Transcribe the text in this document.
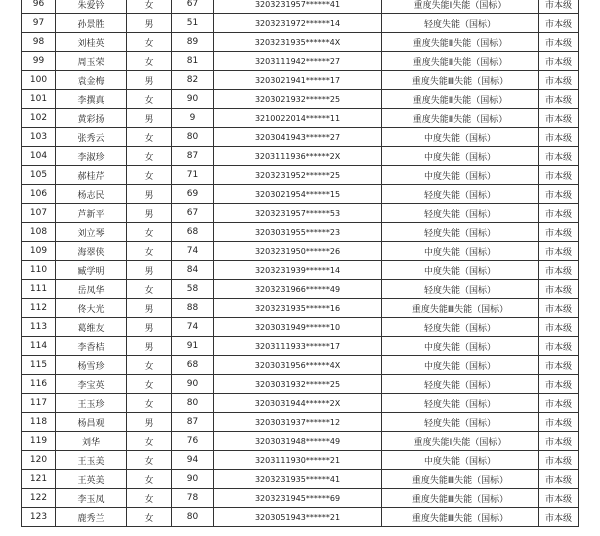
96	朱爱钤	女	67	3203231957******41	重度失能Ⅰ失能（国标）	市本级
97	孙景胜	男	51	3203231972******14	轻度失能（国标）	市本级
98	刘桂英	女	89	3203231935******4X	重度失能Ⅱ失能（国标）	市本级
99	周玉荣	女	81	3203111942******27	重度失能Ⅱ失能（国标）	市本级
100	袁金梅	男	82	3203021941******17	重度失能Ⅲ失能（国标）	市本级
101	李撰真	女	90	3203021932******25	重度失能Ⅱ失能（国标）	市本级
102	黄彩扬	男	9	3210022014******11	重度失能Ⅱ失能（国标）	市本级
103	张秀云	女	80	3203041943******27	中度失能（国标）	市本级
104	李淑珍	女	87	3203111936******2X	中度失能（国标）	市本级
105	郝桂芹	女	71	3203231952******25	中度失能（国标）	市本级
106	杨志民	男	69	3203021954******15	轻度失能（国标）	市本级
107	芦新平	男	67	3203231957******53	轻度失能（国标）	市本级
108	刘立琴	女	68	3203031955******23	轻度失能（国标）	市本级
109	海翠侠	女	74	3203231950******26	中度失能（国标）	市本级
110	臧学明	男	84	3203231939******14	中度失能（国标）	市本级
111	岳凤华	女	58	3203231966******49	轻度失能（国标）	市本级
112	佟大光	男	88	3203231935******16	重度失能Ⅲ失能（国标）	市本级
113	葛维友	男	74	3203031949******10	轻度失能（国标）	市本级
114	李香桔	男	91	3203111933******17	中度失能（国标）	市本级
115	杨雪珍	女	68	3203031956******4X	中度失能（国标）	市本级
116	李宝英	女	90	3203031932******25	轻度失能（国标）	市本级
117	王玉珍	女	80	3203031944******2X	轻度失能（国标）	市本级
118	杨昌观	男	87	3203031937******12	轻度失能（国标）	市本级
119	刘华	女	76	3203031948******49	重度失能Ⅰ失能（国标）	市本级
120	王玉美	女	94	3203111930******21	中度失能（国标）	市本级
121	王英美	女	90	3203231935******41	重度失能Ⅲ失能（国标）	市本级
122	李玉凤	女	78	3203231945******69	重度失能Ⅲ失能（国标）	市本级
123	鹿秀兰	女	80	3203051943******21	重度失能Ⅲ失能（国标）	市本级
